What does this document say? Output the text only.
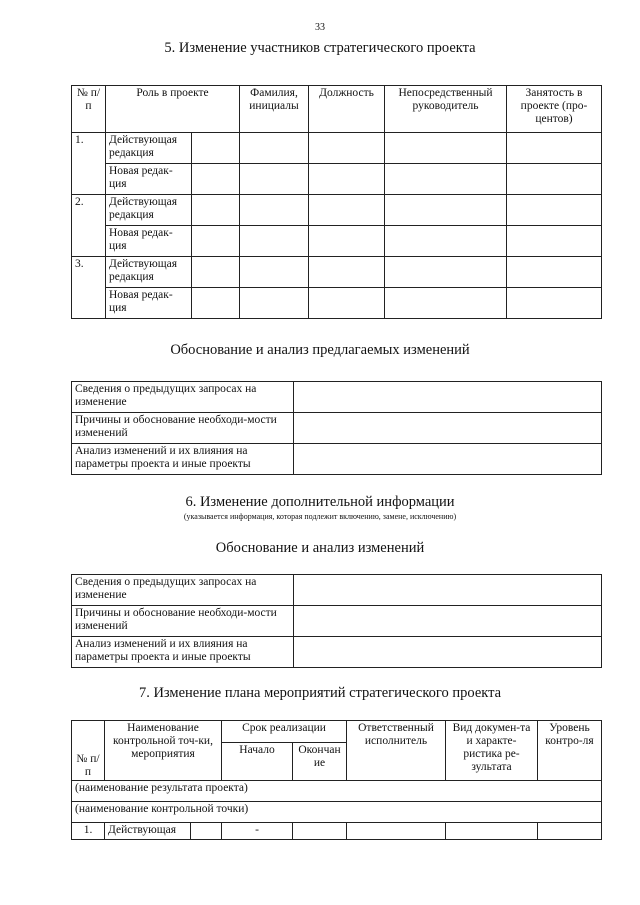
33
5. Изменение участников стратегического проекта
№ п/п	Роль в проекте		Фамилия, инициалы	Должность	Непосредственный руководитель	Занятость в проекте (про-центов)
1.	Действующая редакция					
	Новая редак-ция					
2.	Действующая редакция					
	Новая редак-ция					
3.	Действующая редакция					
	Новая редак-ция					
Обоснование и анализ предлагаемых изменений
Сведения о предыдущих запросах на изменение	
Причины и обоснование необходи-мости изменений	
Анализ изменений и их влияния на параметры проекта и иные проекты	
6. Изменение дополнительной информации
(указывается информация, которая подлежит включению, замене, исключению)
Обоснование и анализ изменений
Сведения о предыдущих запросах на изменение	
Причины и обоснование необходи-мости изменений	
Анализ изменений и их влияния на параметры проекта и иные проекты	
7. Изменение плана мероприятий стратегического проекта
№ п/п	Наименование контрольной точ-ки, мероприятия		Срок реализации		Ответственный исполнитель	Вид докумен-та и характе-ристика ре-зультата	Уровень контро-ля
			Начало	Окончание			
(наименование результата проекта)							
(наименование контрольной точки)							
1.	Действующая		-				
